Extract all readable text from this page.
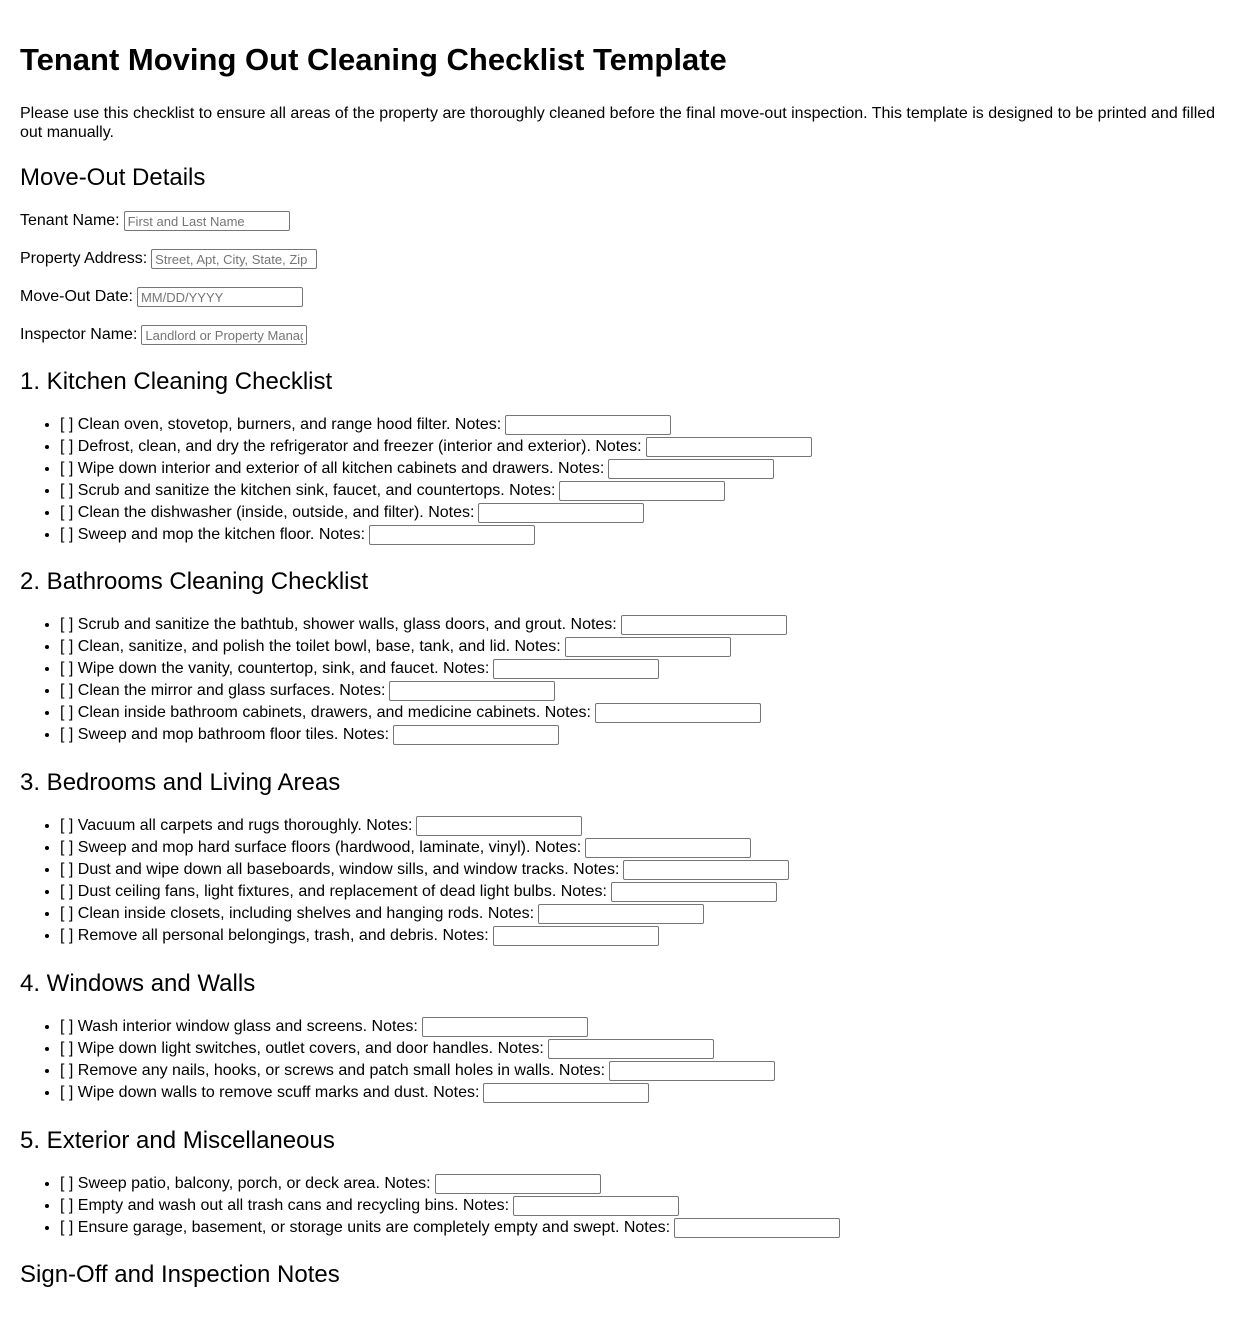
Tenant Moving Out Cleaning Checklist Template

Please use this checklist to ensure all areas of the property are thoroughly cleaned before the final move-out inspection. This template is designed to be printed and filled out manually.

Move-Out Details
Tenant Name:
First and Last Name
Property Address:
Street, Apt, City, State, Zip
Move-Out Date:
MM/DD/YYYY
Inspector Name:
Landlord or Property Manager
1. Kitchen Cleaning Checklist
• [ ] Clean oven, stovetop, burners, and range hood filter. Notes:
• [ ] Defrost, clean, and dry the refrigerator and freezer (interior and exterior). Notes:
• [ ] Wipe down interior and exterior of all kitchen cabinets and drawers. Notes:
• [ ] Scrub and sanitize the kitchen sink, faucet, and countertops. Notes:
• [ ] Clean the dishwasher (inside, outside, and filter). Notes:
• [ ] Sweep and mop the kitchen floor. Notes:
2. Bathrooms Cleaning Checklist
• [ ] Scrub and sanitize the bathtub, shower walls, glass doors, and grout. Notes:
• [ ] Clean, sanitize, and polish the toilet bowl, base, tank, and lid. Notes:
• [ ] Wipe down the vanity, countertop, sink, and faucet. Notes:
• [ ] Clean the mirror and glass surfaces. Notes:
• [ ] Clean inside bathroom cabinets, drawers, and medicine cabinets. Notes:
• [ ] Sweep and mop bathroom floor tiles. Notes:
3. Bedrooms and Living Areas
• [ ] Vacuum all carpets and rugs thoroughly. Notes:
• [ ] Sweep and mop hard surface floors (hardwood, laminate, vinyl). Notes:
• [ ] Dust and wipe down all baseboards, window sills, and window tracks. Notes:
• [ ] Dust ceiling fans, light fixtures, and replacement of dead light bulbs. Notes:
• [ ] Clean inside closets, including shelves and hanging rods. Notes:
• [ ] Remove all personal belongings, trash, and debris. Notes:
4. Windows and Walls
• [ ] Wash interior window glass and screens. Notes:
• [ ] Wipe down light switches, outlet covers, and door handles. Notes:
• [ ] Remove any nails, hooks, or screws and patch small holes in walls. Notes:
• [ ] Wipe down walls to remove scuff marks and dust. Notes:
5. Exterior and Miscellaneous
• [ ] Sweep patio, balcony, porch, or deck area. Notes:
• [ ] Empty and wash out all trash cans and recycling bins. Notes:
• [ ] Ensure garage, basement, or storage units are completely empty and swept. Notes:
Sign-Off and Inspection Notes
